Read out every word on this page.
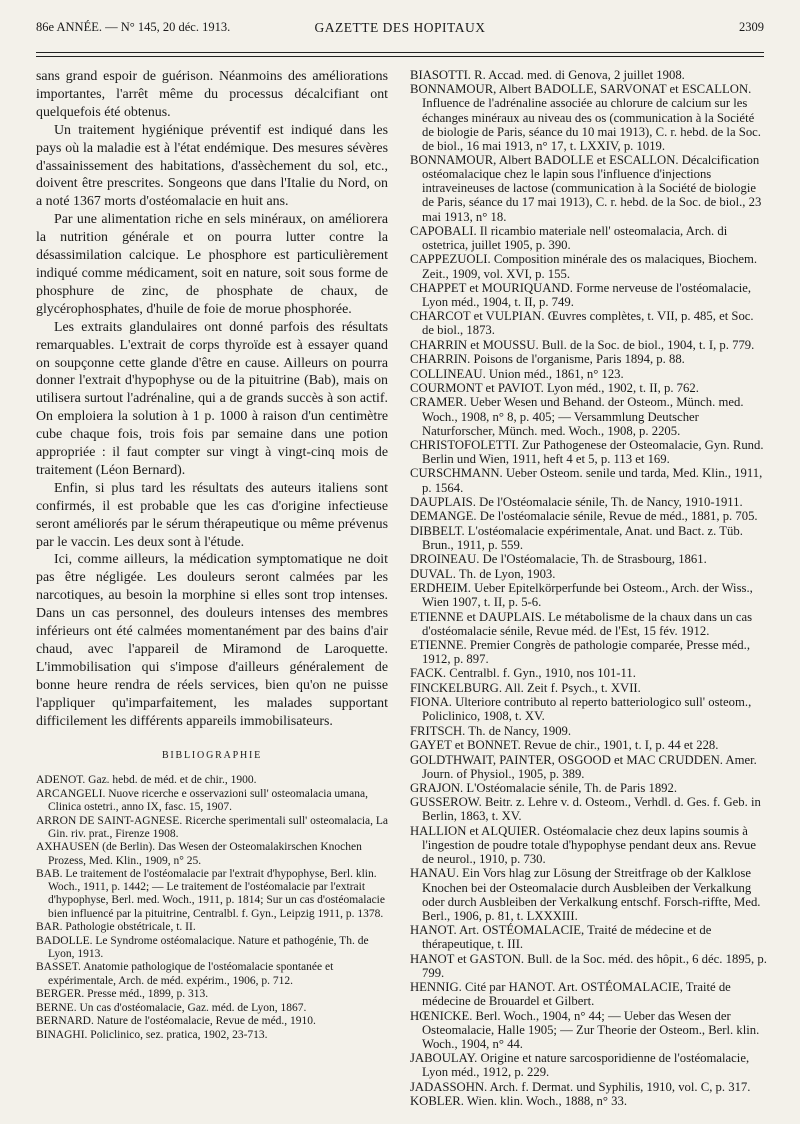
86e ANNÉE. — N° 145, 20 déc. 1913.	GAZETTE DES HOPITAUX	2309

sans grand espoir de guérison. Néanmoins des améliorations importantes, l'arrêt même du processus décalcifiant ont quelquefois été obtenus.

Un traitement hygiénique préventif est indiqué dans les pays où la maladie est à l'état endémique. Des mesures sévères d'assainissement des habitations, d'assèchement du sol, etc., doivent être prescrites. Songeons que dans l'Italie du Nord, on a noté 1367 morts d'ostéomalacie en huit ans.

Par une alimentation riche en sels minéraux, on améliorera la nutrition générale et on pourra lutter contre la désassimilation calcique. Le phosphore est particulièrement indiqué comme médicament, soit en nature, soit sous forme de phosphure de zinc, de phosphate de chaux, de glycérophosphates, d'huile de foie de morue phosphorée.

Les extraits glandulaires ont donné parfois des résultats remarquables. L'extrait de corps thyroïde est à essayer quand on soupçonne cette glande d'être en cause. Ailleurs on pourra donner l'extrait d'hypophyse ou de la pituitrine (Bab), mais on utilisera surtout l'adrénaline, qui a de grands succès à son actif. On emploiera la solution à 1 p. 1000 à raison d'un centimètre cube chaque fois, trois fois par semaine dans une potion appropriée : il faut compter sur vingt à vingt-cinq mois de traitement (Léon Bernard).

Enfin, si plus tard les résultats des auteurs italiens sont confirmés, il est probable que les cas d'origine infectieuse seront améliorés par le sérum thérapeutique ou même prévenus par le vaccin. Les deux sont à l'étude.

Ici, comme ailleurs, la médication symptomatique ne doit pas être négligée. Les douleurs seront calmées par les narcotiques, au besoin la morphine si elles sont trop intenses. Dans un cas personnel, des douleurs intenses des membres inférieurs ont été calmées momentanément par des bains d'air chaud, avec l'appareil de Miramond de Laroquette. L'immobilisation qui s'impose d'ailleurs généralement de bonne heure rendra de réels services, bien qu'on ne puisse l'appliquer qu'imparfaitement, les malades supportant difficilement les différents appareils immobilisateurs.

BIBLIOGRAPHIE
ADENOT. Gaz. hebd. de méd. et de chir., 1900.
ARCANGELI. Nuove ricerche e osservazioni sull' osteomalacia umana, Clinica ostetri., anno IX, fasc. 15, 1907.
ARRON DE SAINT-AGNESE. Ricerche sperimentali sull' osteomalacia, La Gin. riv. prat., Firenze 1908.
AXHAUSEN (de Berlin). Das Wesen der Osteomalakirschen Knochen Prozess, Med. Klin., 1909, n° 25.
BAB. Le traitement de l'ostéomalacie par l'extrait d'hypophyse, Berl. klin. Woch., 1911, p. 1442; — Le traitement de l'ostéomalacie par l'extrait d'hypophyse, Berl. med. Woch., 1911, p. 1814; Sur un cas d'ostéomalacie bien influencé par la pituitrine, Centralbl. f. Gyn., Leipzig 1911, p. 1378.
BAR. Pathologie obstétricale, t. II.
BADOLLE. Le Syndrome ostéomalacique. Nature et pathogénie, Th. de Lyon, 1913.
BASSET. Anatomie pathologique de l'ostéomalacie spontanée et expérimentale, Arch. de méd. expérim., 1906, p. 712.
BERGER. Presse méd., 1899, p. 313.
BERNE. Un cas d'ostéomalacie, Gaz. méd. de Lyon, 1867.
BERNARD. Nature de l'ostéomalacie, Revue de méd., 1910.
BINAGHI. Policlinico, sez. pratica, 1902, 23-713.
BIASOTTI. R. Accad. med. di Genova, 2 juillet 1908.
BONNAMOUR, Albert BADOLLE, SARVONAT et ESCALLON. Influence de l'adrénaline associée au chlorure de calcium sur les échanges minéraux au niveau des os (communication à la Société de biologie de Paris, séance du 10 mai 1913), C. r. hebd. de la Soc. de biol., 16 mai 1913, n° 17, t. LXXIV, p. 1019.
BONNAMOUR, Albert BADOLLE et ESCALLON. Décalcification ostéomalacique chez le lapin sous l'influence d'injections intraveineuses de lactose (communication à la Société de biologie de Paris, séance du 17 mai 1913), C. r. hebd. de la Soc. de biol., 23 mai 1913, n° 18.
CAPOBALI. Il ricambio materiale nell' osteomalacia, Arch. di ostetrica, juillet 1905, p. 390.
CAPPEZUOLI. Composition minérale des os malaciques, Biochem. Zeit., 1909, vol. XVI, p. 155.
CHAPPET et MOURIQUAND. Forme nerveuse de l'ostéomalacie, Lyon méd., 1904, t. II, p. 749.
CHARCOT et VULPIAN. Œuvres complètes, t. VII, p. 485, et Soc. de biol., 1873.
CHARRIN et MOUSSU. Bull. de la Soc. de biol., 1904, t. I, p. 779.
CHARRIN. Poisons de l'organisme, Paris 1894, p. 88.
COLLINEAU. Union méd., 1861, n° 123.
COURMONT et PAVIOT. Lyon méd., 1902, t. II, p. 762.
CRAMER. Ueber Wesen und Behand. der Osteom., Münch. med. Woch., 1908, n° 8, p. 405; — Versammlung Deutscher Naturforscher, Münch. med. Woch., 1908, p. 2205.
CHRISTOFOLETTI. Zur Pathogenese der Osteomalacie, Gyn. Rund. Berlin und Wien, 1911, heft 4 et 5, p. 113 et 169.
CURSCHMANN. Ueber Osteom. senile und tarda, Med. Klin., 1911, p. 1564.
DAUPLAIS. De l'Ostéomalacie sénile, Th. de Nancy, 1910-1911.
DEMANGE. De l'ostéomalacie sénile, Revue de méd., 1881, p. 705.
DIBBELT. L'ostéomalacie expérimentale, Anat. und Bact. z. Tüb. Brun., 1911, p. 559.
DROINEAU. De l'Ostéomalacie, Th. de Strasbourg, 1861.
DUVAL. Th. de Lyon, 1903.
ERDHEIM. Ueber Epitelkörperfunde bei Osteom., Arch. der Wiss., Wien 1907, t. II, p. 5-6.
ETIENNE et DAUPLAIS. Le métabolisme de la chaux dans un cas d'ostéomalacie sénile, Revue méd. de l'Est, 15 fév. 1912.
ETIENNE. Premier Congrès de pathologie comparée, Presse méd., 1912, p. 897.
FACK. Centralbl. f. Gyn., 1910, nos 101-11.
FINCKELBURG. All. Zeit f. Psych., t. XVII.
FIONA. Ulteriore contributo al reperto batteriologico sull' osteom., Policlinico, 1908, t. XV.
FRITSCH. Th. de Nancy, 1909.
GAYET et BONNET. Revue de chir., 1901, t. I, p. 44 et 228.
GOLDTHWAIT, PAINTER, OSGOOD et MAC CRUDDEN. Amer. Journ. of Physiol., 1905, p. 389.
GRAJON. L'Ostéomalacie sénile, Th. de Paris 1892.
GUSSEROW. Beitr. z. Lehre v. d. Osteom., Verhdl. d. Ges. f. Geb. in Berlin, 1863, t. XV.
HALLION et ALQUIER. Ostéomalacie chez deux lapins soumis à l'ingestion de poudre totale d'hypophyse pendant deux ans. Revue de neurol., 1910, p. 730.
HANAU. Ein Vors hlag zur Lösung der Streitfrage ob der Kalklose Knochen bei der Osteomalacie durch Ausbleiben der Verkalkung oder durch Ausbleiben der Verkalkung entschf. Forsch-riffte, Med. Berl., 1906, p. 81, t. LXXXIII.
HANOT. Art. OSTÉOMALACIE, Traité de médecine et de thérapeutique, t. III.
HANOT et GASTON. Bull. de la Soc. méd. des hôpit., 6 déc. 1895, p. 799.
HENNIG. Cité par HANOT. Art. OSTÉOMALACIE, Traité de médecine de Brouardel et Gilbert.
HŒNICKE. Berl. Woch., 1904, n° 44; — Ueber das Wesen der Osteomalacie, Halle 1905; — Zur Theorie der Osteom., Berl. klin. Woch., 1904, n° 44.
JABOULAY. Origine et nature sarcosporidienne de l'ostéomalacie, Lyon méd., 1912, p. 229.
JADASSOHN. Arch. f. Dermat. und Syphilis, 1910, vol. C, p. 317.
KOBLER. Wien. klin. Woch., 1888, n° 33.
